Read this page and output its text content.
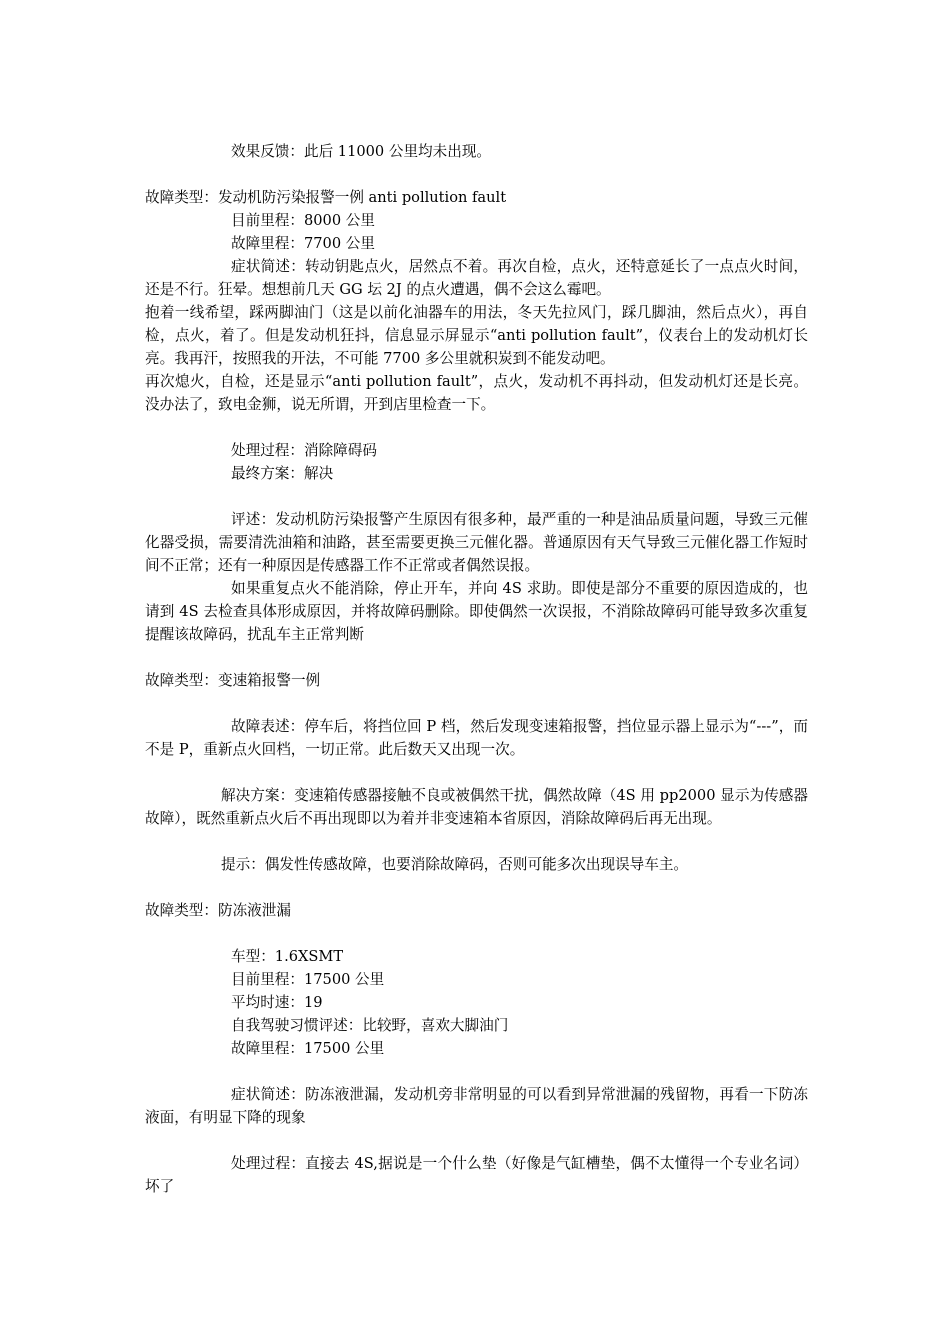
效果反馈：此后 11000 公里均未出现。

故障类型：发动机防污染报警一例 anti pollution fault

目前里程：8000 公里

故障里程：7700 公里

症状简述：转动钥匙点火，居然点不着。再次自检，点火，还特意延长了一点点火时间，还是不行。狂晕。想想前几天 GG 坛 2J 的点火遭遇，偶不会这么霉吧。

抱着一线希望，踩两脚油门（这是以前化油器车的用法，冬天先拉风门，踩几脚油，然后点火），再自检，点火，着了。但是发动机狂抖，信息显示屏显示“anti pollution fault”，仪表台上的发动机灯长亮。我再汗，按照我的开法，不可能 7700 多公里就积炭到不能发动吧。

再次熄火，自检，还是显示“anti pollution fault”，点火，发动机不再抖动，但发动机灯还是长亮。没办法了，致电金狮，说无所谓，开到店里检查一下。

处理过程：消除障碍码

最终方案：解决

评述：发动机防污染报警产生原因有很多种，最严重的一种是油品质量问题，导致三元催化器受损，需要清洗油箱和油路，甚至需要更换三元催化器。普通原因有天气导致三元催化器工作短时间不正常；还有一种原因是传感器工作不正常或者偶然误报。

如果重复点火不能消除，停止开车，并向 4S 求助。即使是部分不重要的原因造成的，也请到 4S 去检查具体形成原因，并将故障码删除。即使偶然一次误报，不消除故障码可能导致多次重复提醒该故障码，扰乱车主正常判断

故障类型：变速箱报警一例

故障表述：停车后，将挡位回 P 档，然后发现变速箱报警，挡位显示器上显示为“---”，而不是 P，重新点火回档，一切正常。此后数天又出现一次。

解决方案：变速箱传感器接触不良或被偶然干扰，偶然故障（4S 用 pp2000 显示为传感器故障），既然重新点火后不再出现即以为着并非变速箱本省原因，消除故障码后再无出现。

提示：偶发性传感故障，也要消除故障码，否则可能多次出现误导车主。

故障类型：防冻液泄漏

车型：1.6XSMT

目前里程：17500 公里

平均时速：19

自我驾驶习惯评述：比较野，喜欢大脚油门

故障里程：17500 公里

症状简述：防冻液泄漏，发动机旁非常明显的可以看到异常泄漏的残留物，再看一下防冻液面，有明显下降的现象

处理过程：直接去 4S,据说是一个什么垫（好像是气缸槽垫，偶不太懂得一个专业名词）坏了
